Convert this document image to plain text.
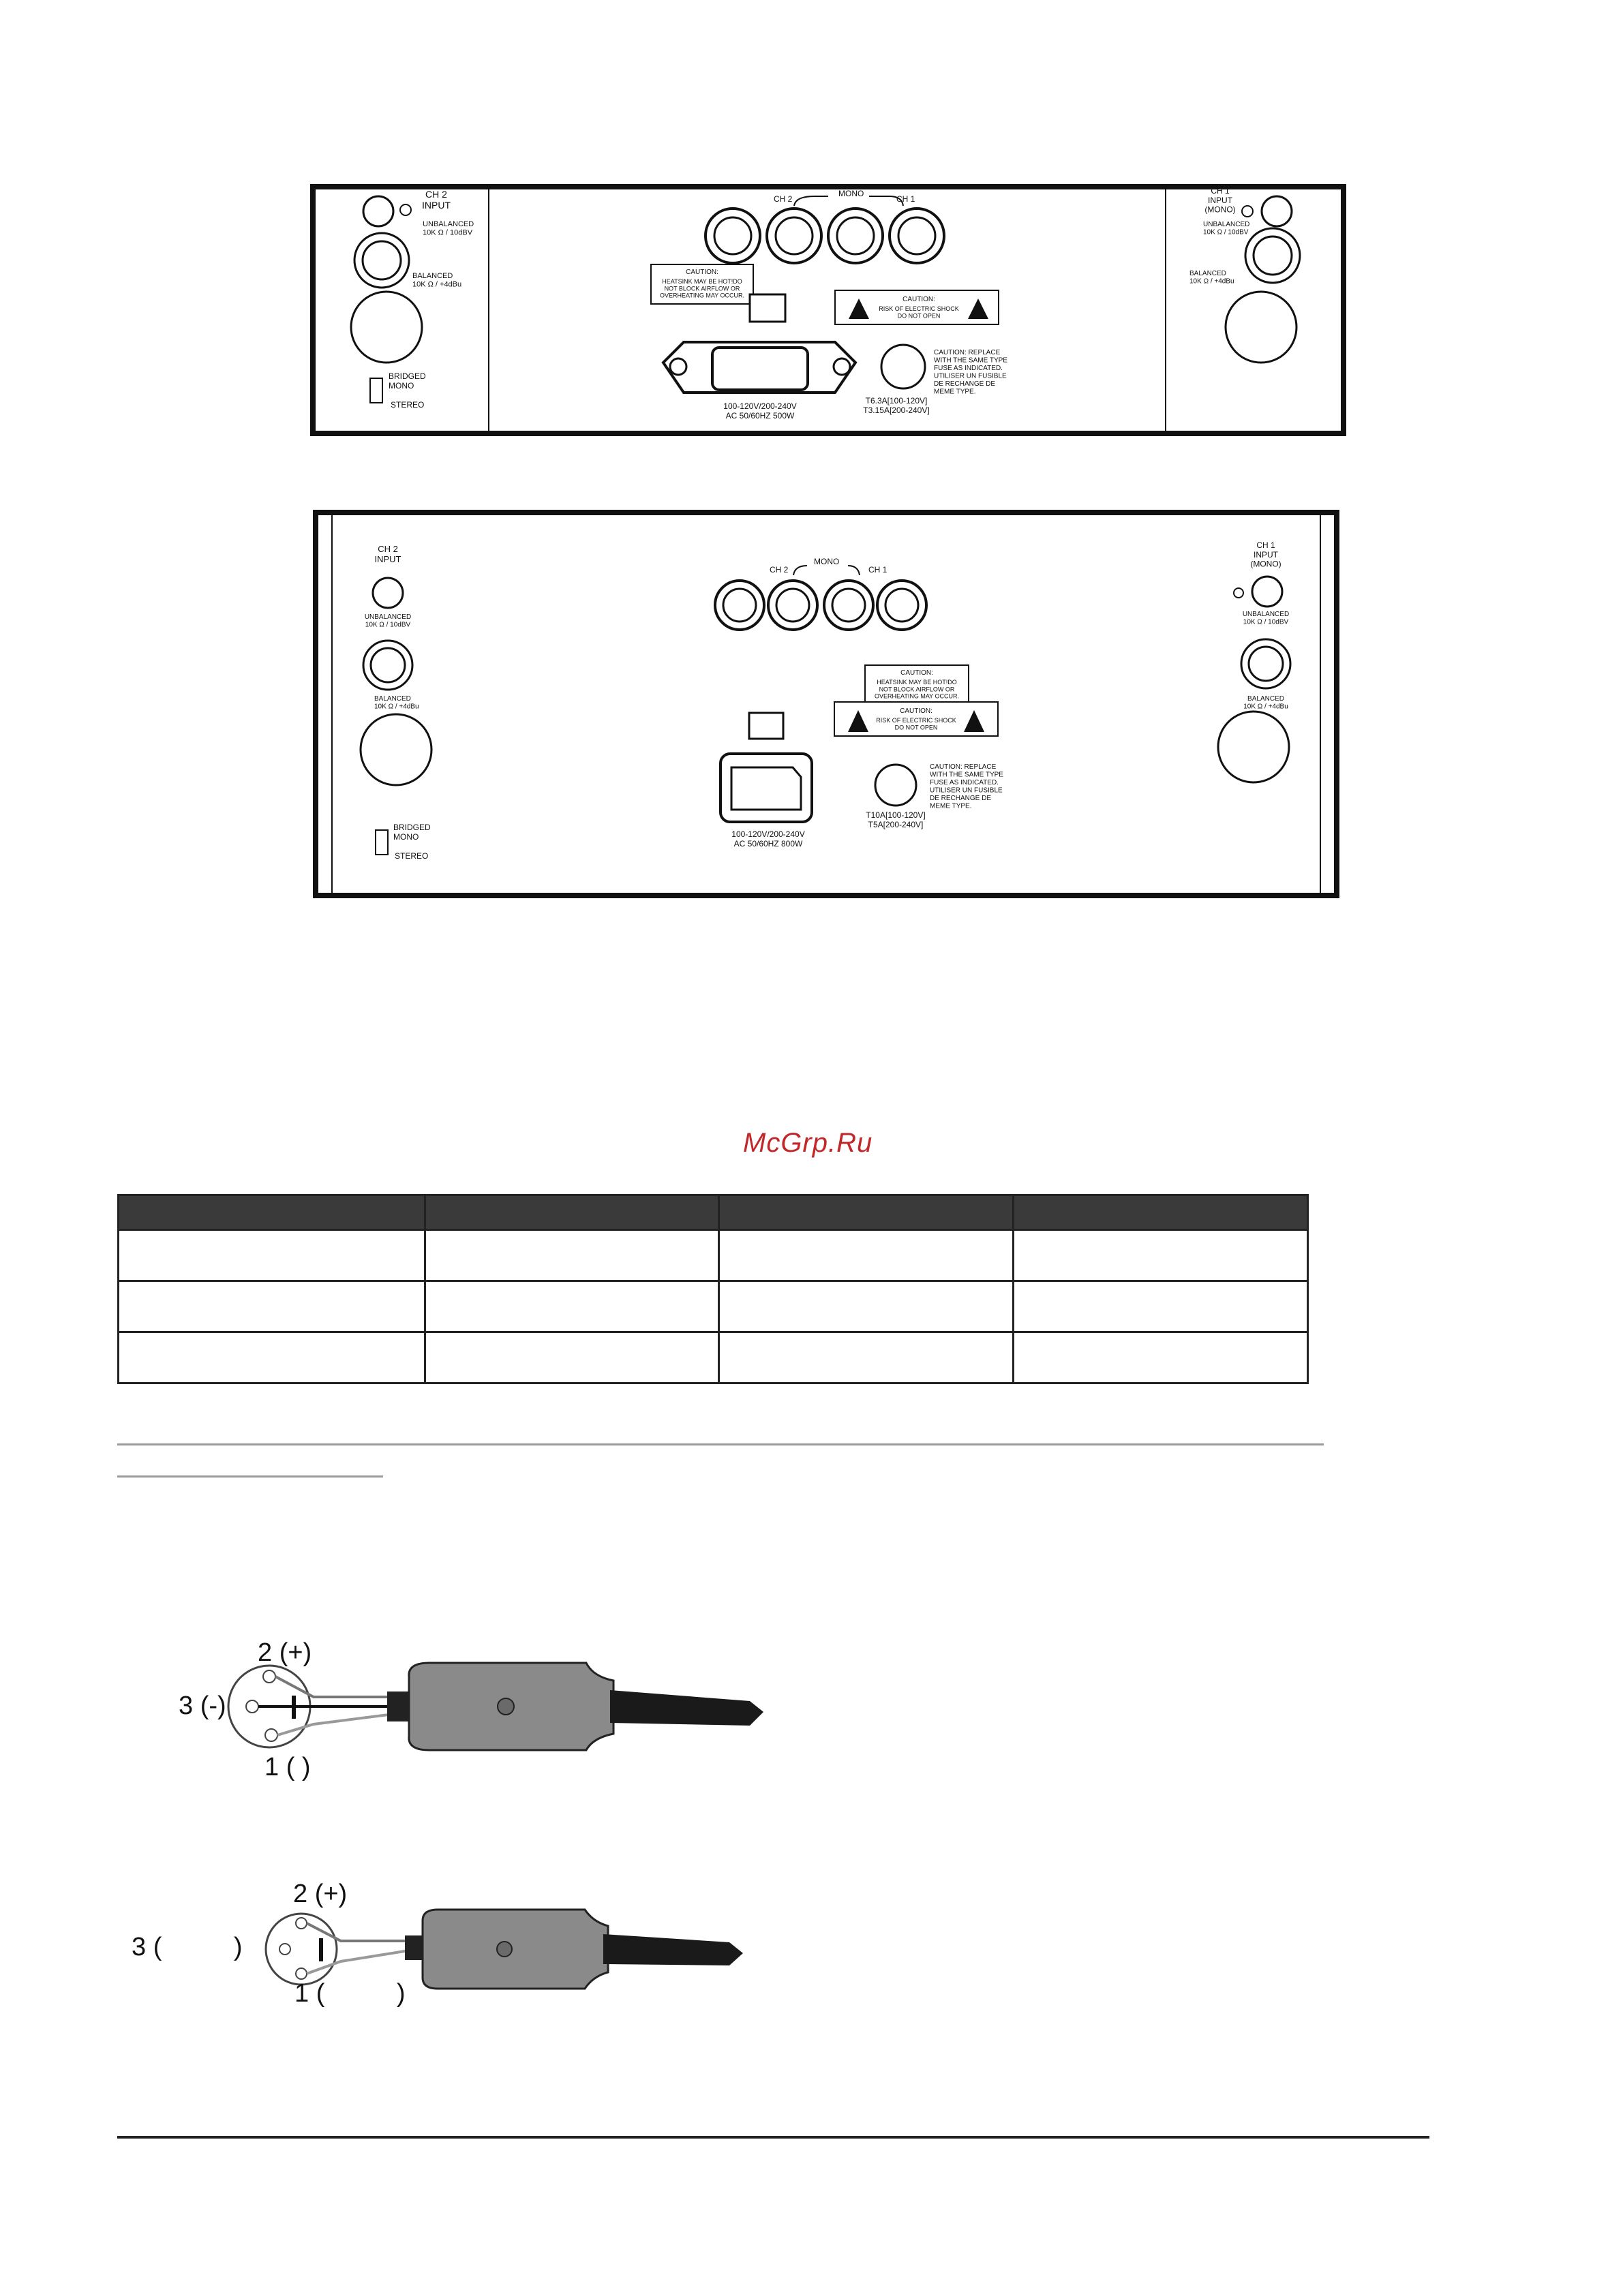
CH 2 INPUT
UNBALANCED 10K Ω / 10dBV
BALANCED 10K Ω / +4dBu
BRIDGED MONO
STEREO
CH 2
MONO
CH 1
CAUTION:
HEATSINK MAY BE HOT!DO NOT BLOCK AIRFLOW OR OVERHEATING MAY OCCUR.
CAUTION:
RISK OF ELECTRIC SHOCK DO NOT OPEN
100-120V/200-240V AC 50/60HZ 500W
T6.3A[100-120V] T3.15A[200-240V]
CAUTION: REPLACE WITH THE SAME TYPE FUSE AS INDICATED. UTILISER UN FUSIBLE DE RECHANGE DE MEME TYPE.
CH 1 INPUT (MONO)
UNBALANCED 10K Ω / 10dBV
BALANCED 10K Ω / +4dBu
CH 2 INPUT
UNBALANCED 10K Ω / 10dBV
BALANCED 10K Ω / +4dBu
BRIDGED MONO
STEREO
CH 2
MONO
CH 1
CAUTION:
HEATSINK MAY BE HOT!DO NOT BLOCK AIRFLOW OR OVERHEATING MAY OCCUR.
CAUTION:
RISK OF ELECTRIC SHOCK DO NOT OPEN
100-120V/200-240V AC 50/60HZ 800W
T10A[100-120V] T5A[200-240V]
CAUTION: REPLACE WITH THE SAME TYPE FUSE AS INDICATED. UTILISER UN FUSIBLE DE RECHANGE DE MEME TYPE.
CH 1 INPUT (MONO)
UNBALANCED 10K Ω / 10dBV
BALANCED 10K Ω / +4dBu
McGrp.Ru

2 (+)
3 (-)
1 ( )
2 (+)
3 (          )
1 (          )
